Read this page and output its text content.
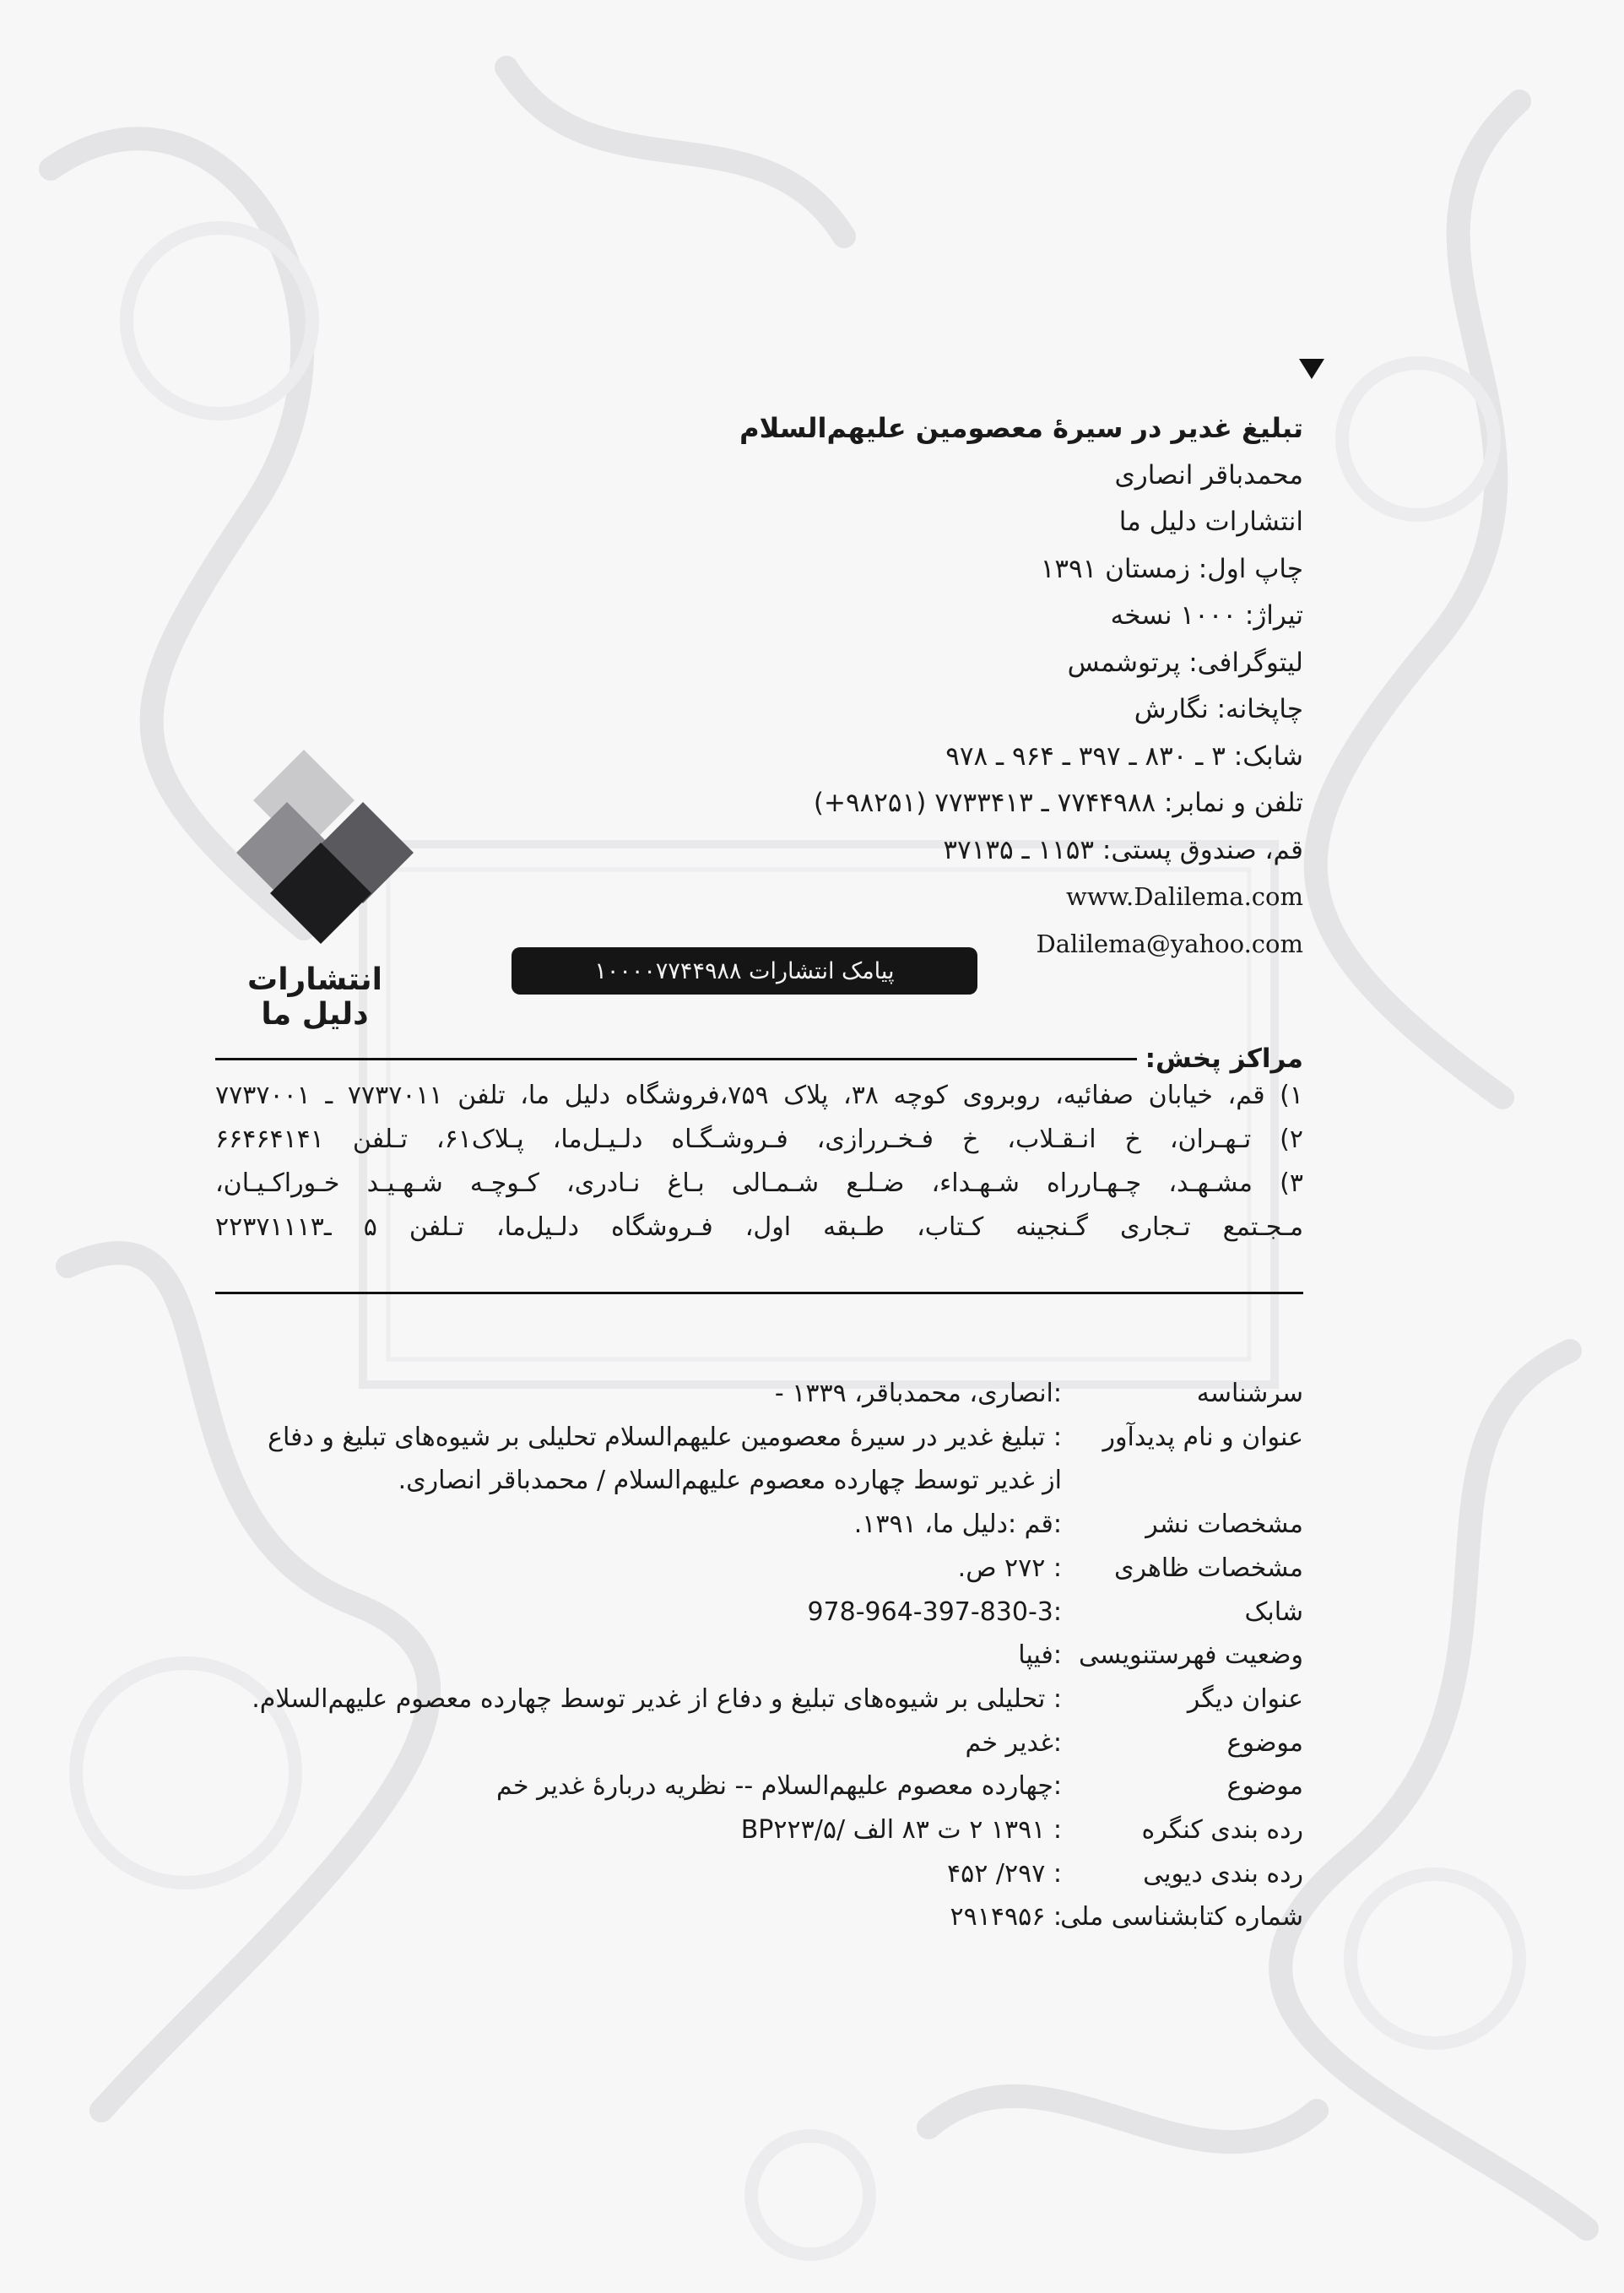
تبلیغ غدیر در سیرهٔ معصومین علیهم‌السلام
محمدباقر انصاری
انتشارات دلیل ما
چاپ اول: زمستان ۱۳۹۱
تیراژ: ۱۰۰۰ نسخه
لیتوگرافی: پرتوشمس
چاپخانه: نگارش
شابک: ۳ ـ ۸۳۰ ـ ۳۹۷ ـ ۹۶۴ ـ ۹۷۸
تلفن و نمابر: ۷۷۴۴۹۸۸ ـ ۷۷۳۳۴۱۳ (۹۸۲۵۱+)
قم، صندوق پستی: ۱۱۵۳ ـ ۳۷۱۳۵
www.Dalilema.com
Dalilema@yahoo.com
انتشارات دلیل ما
پیامک انتشارات ۱۰۰۰۰۷۷۴۴۹۸۸
مراکز پخش:
۱) قم، خیابان صفائیه، روبروی کوچه ۳۸، پلاک ۷۵۹،فروشگاه دلیل ما، تلفن ۷۷۳۷۰۱۱ ـ ۷۷۳۷۰۰۱
۲) تـهـران، خ انـقـلاب، خ فـخـررازی، فـروشـگـاه دلـیـل‌ما، پـلاک۶۱، تـلفن ۶۶۴۶۴۱۴۱
۳) مشـهـد، چـهـارراه شـهـداء، ضـلـع شـمـالی بـاغ نـادری، کـوچـه شـهـیـد خـوراکـیـان،
مـجـتمع تـجاری گـنجینه کـتاب، طـبقه اول، فـروشگاه دلـیل‌ما، تـلفن ۵ ـ۲۲۳۷۱۱۱۳
سرشناسه
:انصاری، محمدباقر، ۱۳۳۹ -
عنوان و نام پدیدآور
: تبلیغ غدیر در سیرهٔ معصومین علیهم‌السلام تحلیلی بر شیوه‌های تبلیغ و دفاع
از غدیر توسط چهارده معصوم علیهم‌السلام / محمدباقر انصاری.
مشخصات نشر
:قم :دلیل ما، ۱۳۹۱.
مشخصات ظاهری
: ۲۷۲ ص.
شابک
978-964-397-830-3:
وضعیت فهرستنویسی
:فیپا
عنوان دیگر
: تحلیلی بر شیوه‌های تبلیغ و دفاع از غدیر توسط چهارده معصوم علیهم‌السلام.
موضوع
:غدیر خم
موضوع
:چهارده معصوم علیهم‌السلام -- نظریه دربارهٔ غدیر خم
رده بندی کنگره
: ۱۳۹۱ ۲ ت ۸۳ الف /BP۲۲۳/۵
رده بندی دیویی
: ۲۹۷/ ۴۵۲
شماره کتابشناسی ملی
: ۲۹۱۴۹۵۶
